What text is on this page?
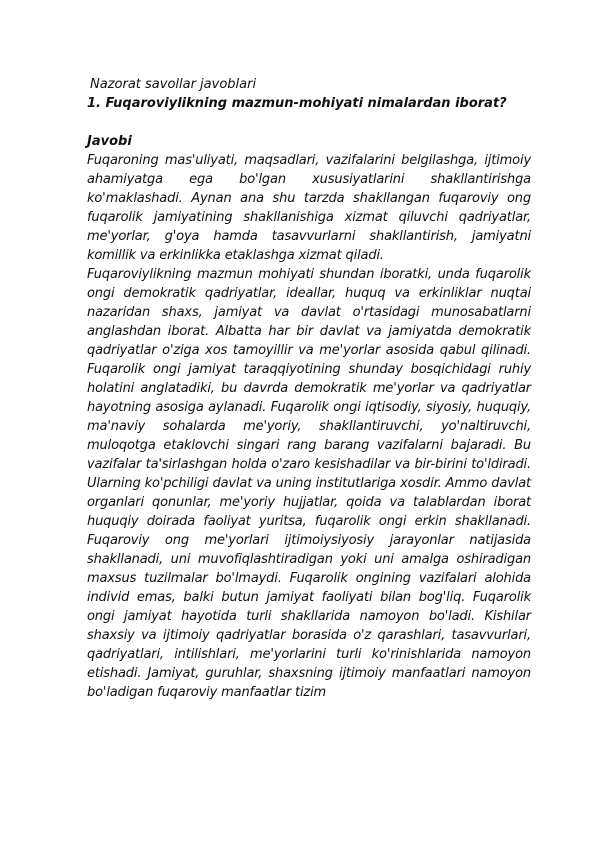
Nazorat savollar javoblari

1. Fuqaroviylikning mazmun-mohiyati nimalardan iborat?

Javobi

Fuqaroning mas'uliyati, maqsadlari, vazifalarini belgilashga, ijtimoiy ahamiyatga ega bo'lgan xususiyatlarini shakllantirishga ko'maklashadi. Aynan ana shu tarzda shakllangan fuqaroviy ong fuqarolik jamiyatining shakllanishiga xizmat qiluvchi qadriyatlar, me'yorlar, g'oya hamda tasavvurlarni shakllantirish, jamiyatni komillik va erkinlikka etaklashga xizmat qiladi.

Fuqaroviylikning mazmun mohiyati shundan iboratki, unda fuqarolik ongi demokratik qadriyatlar, ideallar, huquq va erkinliklar nuqtai nazaridan shaxs, jamiyat va davlat o'rtasidagi munosabatlarni anglashdan iborat. Albatta har bir davlat va jamiyatda demokratik qadriyatlar o'ziga xos tamoyillir va me'yorlar asosida qabul qilinadi. Fuqarolik ongi jamiyat taraqqiyotining shunday bosqichidagi ruhiy holatini anglatadiki, bu davrda demokratik me'yorlar va qadriyatlar hayotning asosiga aylanadi. Fuqarolik ongi iqtisodiy, siyosiy, huquqiy, ma'naviy sohalarda me'yoriy, shakllantiruvchi, yo'naltiruvchi, muloqotga etaklovchi singari rang barang vazifalarni bajaradi. Bu vazifalar ta'sirlashgan holda o'zaro kesishadilar va bir-birini to'ldiradi. Ularning ko'pchiligi davlat va uning institutlariga xosdir. Ammo davlat organlari qonunlar, me'yoriy hujjatlar, qoida va talablardan iborat huquqiy doirada faoliyat yuritsa, fuqarolik ongi erkin shakllanadi. Fuqaroviy ong me'yorlari ijtimoiysiyosiy jarayonlar natijasida shakllanadi, uni muvofiqlashtiradigan yoki uni amalga oshiradigan maxsus tuzilmalar bo'lmaydi. Fuqarolik ongining vazifalari alohida individ emas, balki butun jamiyat faoliyati bilan bog'liq. Fuqarolik ongi jamiyat hayotida turli shakllarida namoyon bo'ladi. Kishilar shaxsiy va ijtimoiy qadriyatlar borasida o'z qarashlari, tasavvurlari, qadriyatlari, intilishlari, me'yorlarini turli ko'rinishlarida namoyon etishadi. Jamiyat, guruhlar, shaxsning ijtimoiy manfaatlari namoyon bo'ladigan fuqaroviy manfaatlar tizim
